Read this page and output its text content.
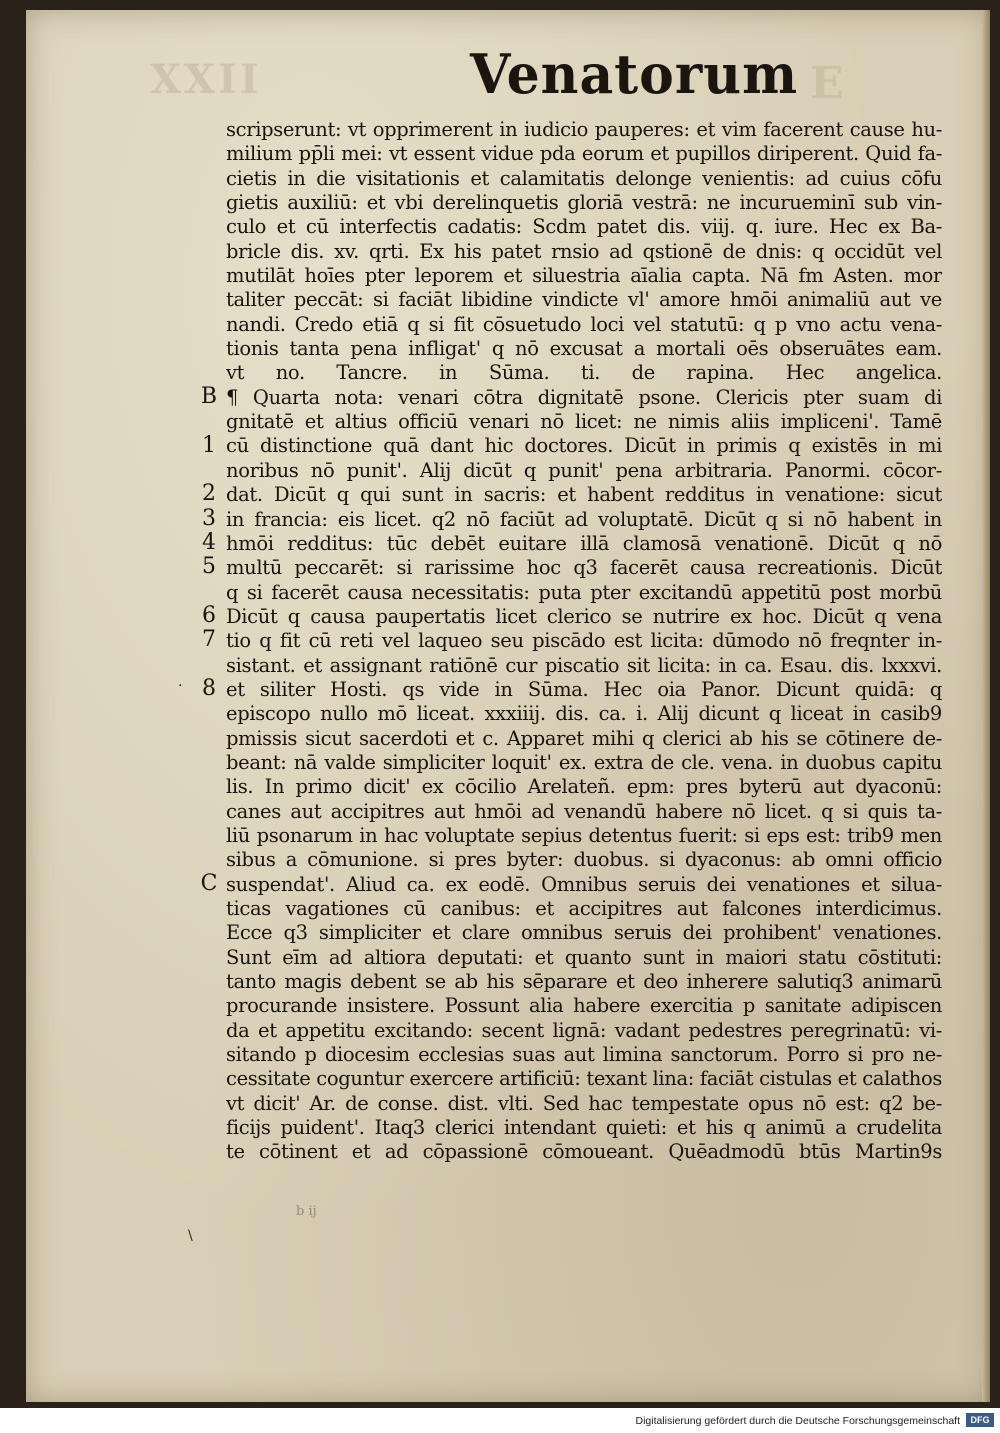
XXII	E
Venatorum
scripserunt: vt opprimerent in iudicio pauperes: et vim facerent cause hu-
milium pp̄li mei: vt essent vidue pda eorum et pupillos diriperent. Quid fa-
cietis in die visitationis et calamitatis delonge venientis: ad cuius cōfu
gietis auxiliū: et vbi derelinquetis gloriā vestrā: ne incurueminī sub vin-
culo et cū interfectis cadatis: Scdm patet dis. viij. q. iure. Hec ex Ba-
bricle dis. xv. qrti. Ex his patet rnsio ad qstionē de dnis: q occidūt vel
mutilāt hoīes pter leporem et siluestria aīalia capta. Nā fm Asten. mor
taliter peccāt: si faciāt libidine vindicte vl' amore hmōi animaliū aut ve
nandi. Credo etiā q si fit cōsuetudo loci vel statutū: q p vno actu vena-
tionis tanta pena infligat' q nō excusat a mortali oēs obseruātes eam.
vt no. Tancre. in Sūma. ti. de rapina. Hec angelica.
¶ Quarta nota: venari cōtra dignitatē psone. Clericis pter suam di
gnitatē et altius officiū venari nō licet: ne nimis aliis impliceni'. Tamē
cū distinctione quā dant hic doctores. Dicūt in primis q existēs in mi
noribus nō punit'. Alij dicūt q punit' pena arbitraria. Panormi. cōcor-
dat. Dicūt q qui sunt in sacris: et habent redditus in venatione: sicut
in francia: eis licet. q2 nō faciūt ad voluptatē. Dicūt q si nō habent in
hmōi redditus: tūc debēt euitare illā clamosā venationē. Dicūt q nō
multū peccarēt: si rarissime hoc q3 facerēt causa recreationis. Dicūt
q si facerēt causa necessitatis: puta pter excitandū appetitū post morbū
Dicūt q causa paupertatis licet clerico se nutrire ex hoc. Dicūt q vena
tio q fit cū reti vel laqueo seu piscādo est licita: dūmodo nō freqnter in-
sistant. et assignant ratiōnē cur piscatio sit licita: in ca. Esau. dis. lxxxvi.
et siliter Hosti. qs vide in Sūma. Hec oia Panor. Dicunt quidā: q
episcopo nullo mō liceat. xxxiiij. dis. ca. i. Alij dicunt q liceat in casib9
pmissis sicut sacerdoti et c. Apparet mihi q clerici ab his se cōtinere de-
beant: nā valde simpliciter loquit' ex. extra de cle. vena. in duobus capitu
lis. In primo dicit' ex cōcilio Arelateñ. epm: pres byterū aut dyaconū:
canes aut accipitres aut hmōi ad venandū habere nō licet. q si quis ta-
liū psonarum in hac voluptate sepius detentus fuerit: si eps est: trib9 men
sibus a cōmunione. si pres byter: duobus. si dyaconus: ab omni officio
suspendat'. Aliud ca. ex eodē. Omnibus seruis dei venationes et silua-
ticas vagationes cū canibus: et accipitres aut falcones interdicimus.
Ecce q3 simpliciter et clare omnibus seruis dei prohibent' venationes.
Sunt eīm ad altiora deputati: et quanto sunt in maiori statu cōstituti:
tanto magis debent se ab his sēparare et deo inherere salutiq3 animarū
procurande insistere. Possunt alia habere exercitia p sanitate adipiscen
da et appetitu excitando: secent lignā: vadant pedestres peregrinatū: vi-
sitando p diocesim ecclesias suas aut limina sanctorum. Porro si pro ne-
cessitate coguntur exercere artificiū: texant lina: faciāt cistulas et calathos
vt dicit' Ar. de conse. dist. vlti. Sed hac tempestate opus nō est: q2 be-
ficijs puident'. Itaq3 clerici intendant quieti: et his q animū a crudelita
te cōtinent et ad cōpassionē cōmoueant. Quēadmodū btūs Martin9s
B
1
2
3
4
5
6
7
8
C
·
\
b ij
Digitalisierung gefördert durch die Deutsche Forschungsgemeinschaft	DFG
